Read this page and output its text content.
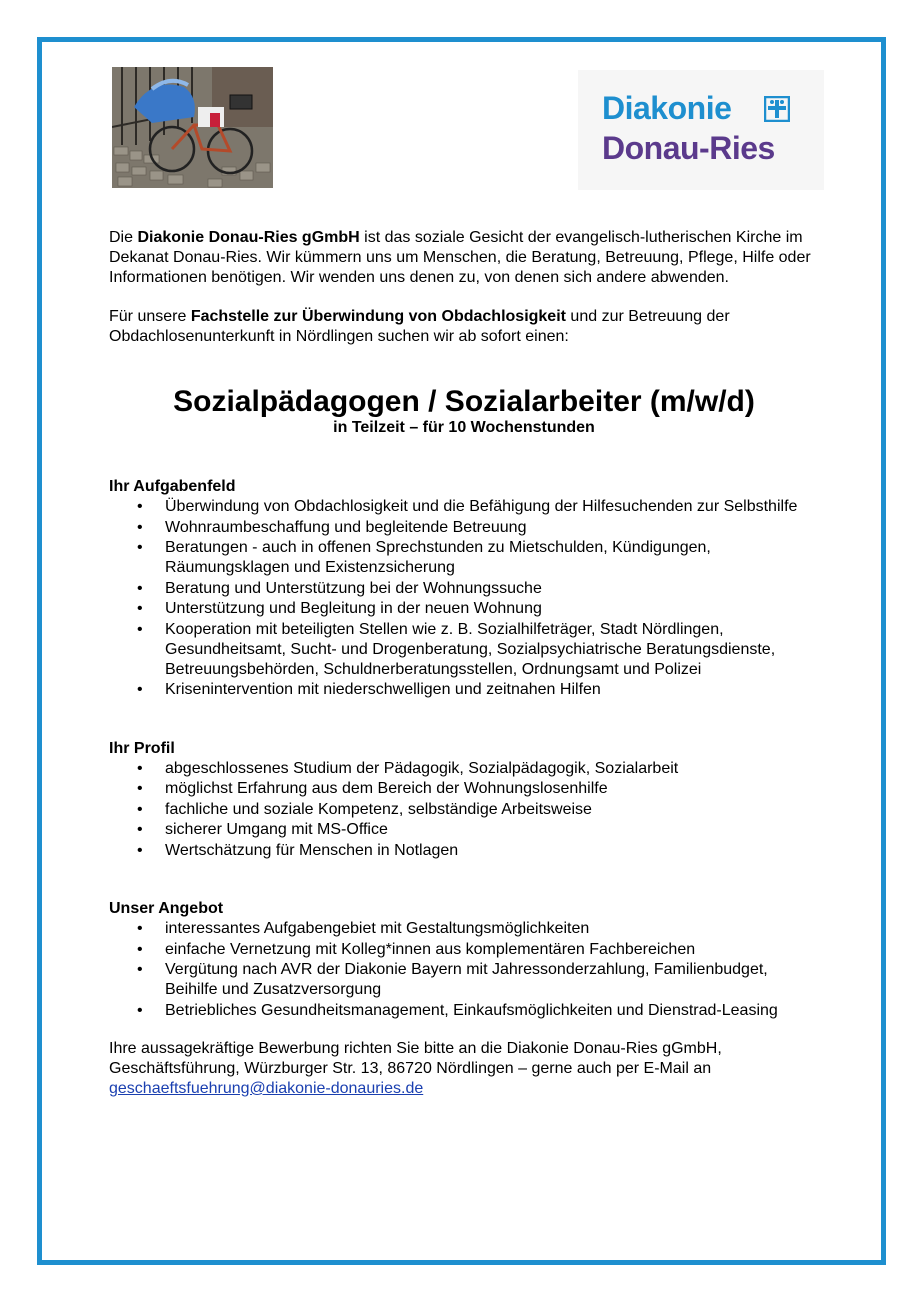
Diakonie
Donau-Ries

Die Diakonie Donau-Ries gGmbH ist das soziale Gesicht der evangelisch-lutherischen Kirche im Dekanat Donau-Ries. Wir kümmern uns um Menschen, die Beratung, Betreuung, Pflege, Hilfe oder Informationen benötigen. Wir wenden uns denen zu, von denen sich andere abwenden.

Für unsere Fachstelle zur Überwindung von Obdachlosigkeit und zur Betreuung der Obdachlosenunterkunft in Nördlingen suchen wir ab sofort einen:

Sozialpädagogen / Sozialarbeiter (m/w/d)

in Teilzeit – für 10 Wochenstunden

Ihr Aufgabenfeld

• Überwindung von Obdachlosigkeit und die Befähigung der Hilfesuchenden zur Selbsthilfe
• Wohnraumbeschaffung und begleitende Betreuung
• Beratungen - auch in offenen Sprechstunden zu Mietschulden, Kündigungen, Räumungsklagen und Existenzsicherung
• Beratung und Unterstützung bei der Wohnungssuche
• Unterstützung und Begleitung in der neuen Wohnung
• Kooperation mit beteiligten Stellen wie z. B. Sozialhilfeträger, Stadt Nördlingen, Gesundheitsamt, Sucht- und Drogenberatung, Sozialpsychiatrische Beratungsdienste, Betreuungsbehörden, Schuldnerberatungsstellen, Ordnungsamt und Polizei
• Krisenintervention mit niederschwelligen und zeitnahen Hilfen

Ihr Profil

• abgeschlossenes Studium der Pädagogik, Sozialpädagogik, Sozialarbeit
• möglichst Erfahrung aus dem Bereich der Wohnungslosenhilfe
• fachliche und soziale Kompetenz, selbständige Arbeitsweise
• sicherer Umgang mit MS-Office
• Wertschätzung für Menschen in Notlagen

Unser Angebot

• interessantes Aufgabengebiet mit Gestaltungsmöglichkeiten
• einfache Vernetzung mit Kolleg*innen aus komplementären Fachbereichen
• Vergütung nach AVR der Diakonie Bayern mit Jahressonderzahlung, Familienbudget, Beihilfe und Zusatzversorgung
• Betriebliches Gesundheitsmanagement, Einkaufsmöglichkeiten und Dienstrad-Leasing

Ihre aussagekräftige Bewerbung richten Sie bitte an die Diakonie Donau-Ries gGmbH, Geschäftsführung, Würzburger Str. 13, 86720 Nördlingen – gerne auch per E-Mail an
geschaeftsfuehrung@diakonie-donauries.de
